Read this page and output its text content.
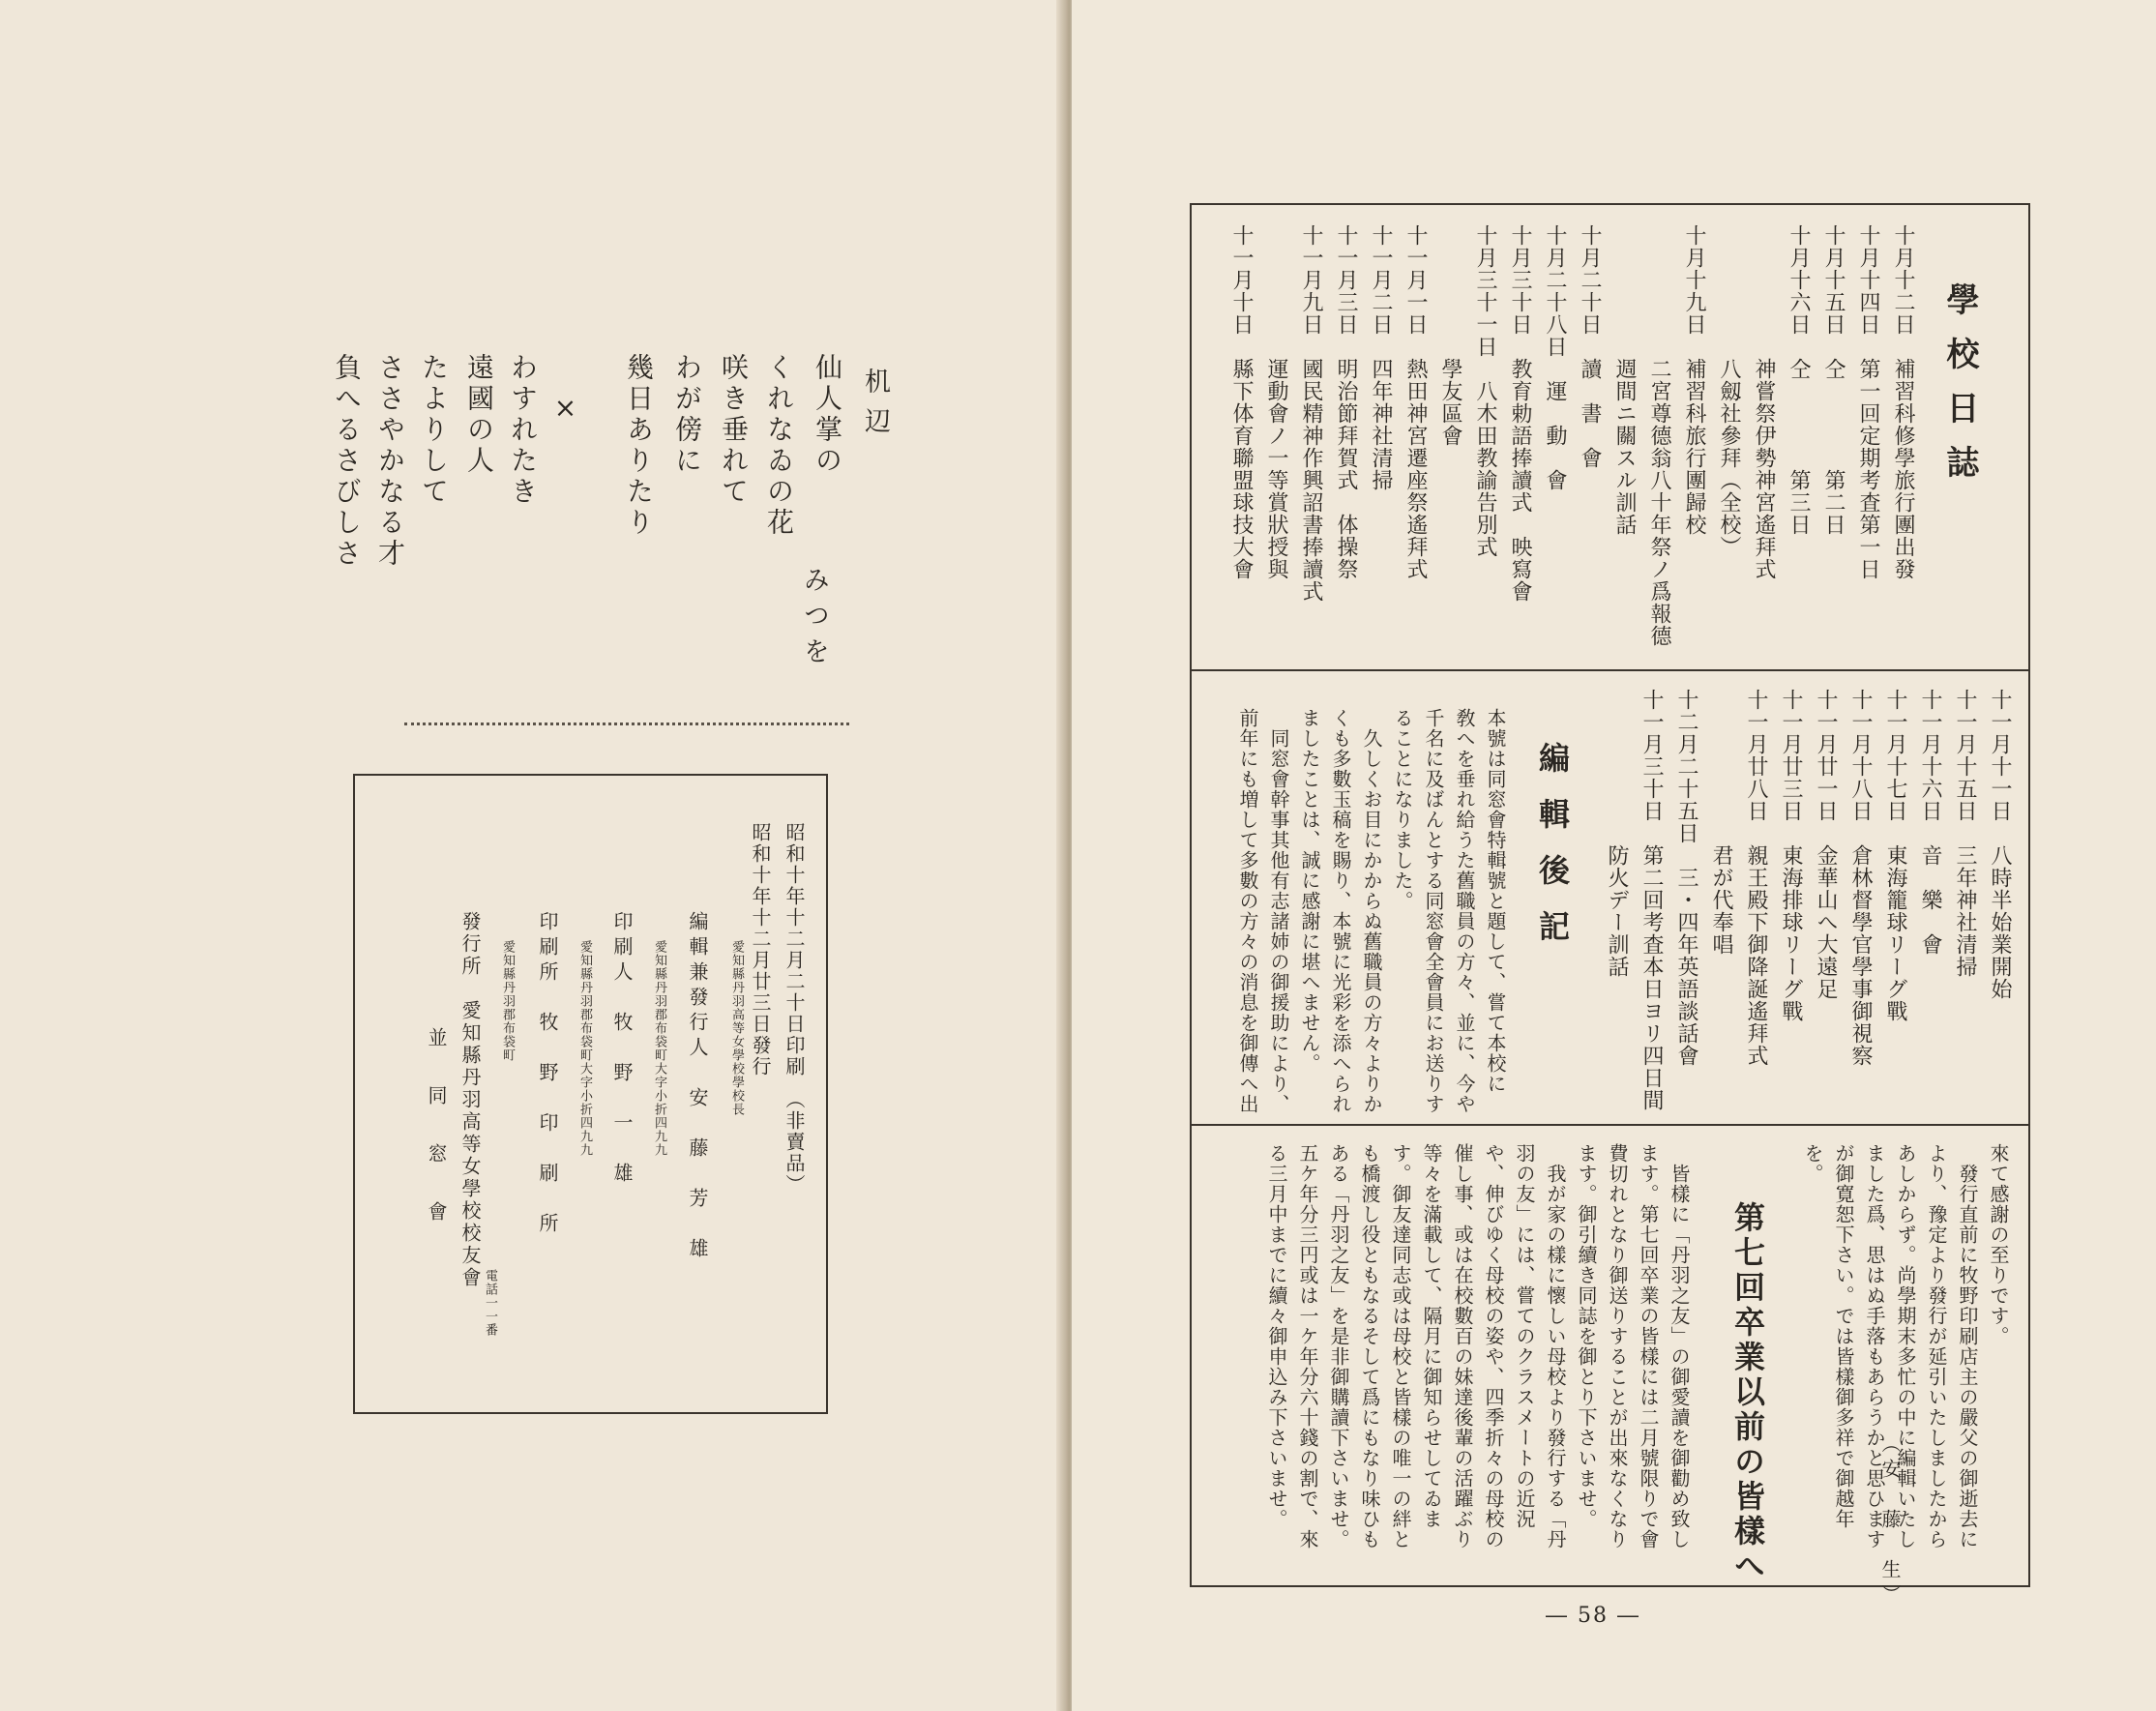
机辺
みつを
仙人掌の
くれなゐの花
咲き垂れて
わが傍に
幾日ありたり
×
わすれたき
遠國の人
たよりして
ささやかなる才
負へるさびしさ
昭和十年十二月二十日印刷　（非賣品）
昭和十年十二月廿三日發行
愛知縣丹羽高等女學校學校長
編輯兼發行人　安　藤　芳　雄
愛知縣丹羽郡布袋町大字小折四九九
印刷人　牧　野　一　雄
愛知縣丹羽郡布袋町大字小折四九九
印刷所　牧　野　印　刷　所
電話一一番
愛知縣丹羽郡布袋町
發行所　愛知縣丹羽高等女學校校友會
並　同　窓　會
學校日誌
十月十二日　補習科修學旅行團出發
十月十四日　第一回定期考査第一日
十月十五日　仝　　　　第二日
十月十六日　仝　　　　第三日
　　　　　　神嘗祭伊勢神宮遙拜式
　　　　　　八劔社參拜（全校）
十月十九日　補習科旅行團歸校
　　　　　　二宮尊德翁八十年祭ノ爲報德
　　　　　　週間ニ關スル訓話
十月二十日　讀　書　會
十月二十八日　運　動　會
十月三十日　教育勅語捧讀式　映寫會
十月三十一日　八木田教諭告別式
　　　　　　學友區會
十一月一日　熱田神宮遷座祭遙拜式
十一月二日　四年神社清掃
十一月三日　明治節拜賀式　体操祭
十一月九日　國民精神作興詔書捧讀式
　　　　　　運動會ノ一等賞狀授與
十一月十日　縣下体育聯盟球技大會
十一月十一日　八時半始業開始
十一月十五日　三年神社清掃
十一月十六日　音　樂　會
十一月十七日　東海籠球リーグ戰
十一月十八日　倉林督學官學事御視察
十一月廿一日　金華山へ大遠足
十一月廿三日　東海排球リーグ戰
十一月廿八日　親王殿下御降誕遙拜式
　　　　　　　君が代奉唱
十二月二十五日　三・四年英語談話會
十一月三十日　第二回考査本日ヨリ四日間
　　　　　　　防火デー訓話
編輯後記
本號は同窓會特輯號と題して、嘗て本校に
敎へを垂れ給うた舊職員の方々、並に、今や
千名に及ばんとする同窓會全會員にお送りす
ることになりました。
　久しくお目にかからぬ舊職員の方々よりか
くも多數玉稿を賜り、本號に光彩を添へられ
ましたことは、誠に感謝に堪へません。
　同窓會幹事其他有志諸姉の御援助により、
前年にも増して多數の方々の消息を御傳へ出
來て感謝の至りです。
　發行直前に牧野印刷店主の嚴父の御逝去に
より、豫定より發行が延引いたしましたから
あしからず。尚學期末多忙の中に編輯いたし
ました爲、思はぬ手落もあらうかと思ひます
が御寛恕下さい。では皆樣御多祥で御越年
を。
（安　藤　生）
第七回卒業以前の皆樣へ
　皆樣に「丹羽之友」の御愛讀を御勸め致し
ます。第七回卒業の皆樣には二月號限りで會
費切れとなり御送りすることが出來なくなり
ます。御引續き同誌を御とり下さいませ。
　我が家の樣に懷しい母校より發行する「丹
羽の友」には、嘗てのクラスメートの近況
や、伸びゆく母校の姿や、四季折々の母校の
催し事、或は在校數百の妹達後輩の活躍ぶり
等々を滿載して、隔月に御知らせしてゐま
す。御友達同志或は母校と皆樣の唯一の絆と
も橋渡し役ともなるそして爲にもなり味ひも
ある「丹羽之友」を是非御購讀下さいませ。
五ケ年分三円或は一ケ年分六十錢の割で、來
る三月中までに續々御申込み下さいませ。
― 58 ―
